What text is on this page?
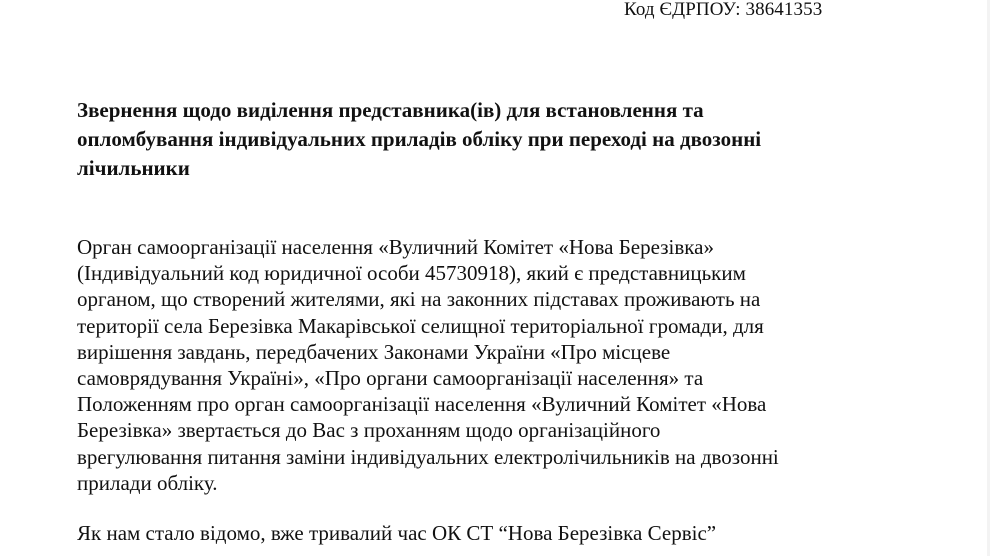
Код ЄДРПОУ: 38641353
Звернення щодо виділення представника(ів) для встановлення та
опломбування індивідуальних приладів обліку при переході на двозонні
лічильники

Орган самоорганізації населення «Вуличний Комітет «Нова Березівка»
(Індивідуальний код юридичної особи 45730918), який є представницьким
органом, що створений жителями, які на законних підставах проживають на
території села Березівка Макарівської селищної територіальної громади, для
вирішення завдань, передбачених Законами України «Про місцеве
самоврядування Україні», «Про органи самоорганізації населення» та
Положенням про орган самоорганізації населення «Вуличний Комітет «Нова
Березівка» звертається до Вас з проханням щодо організаційного
врегулювання питання заміни індивідуальних електролічильників на двозонні
прилади обліку.

Як нам стало відомо, вже тривалий час ОК СТ “Нова Березівка Сервіс”
